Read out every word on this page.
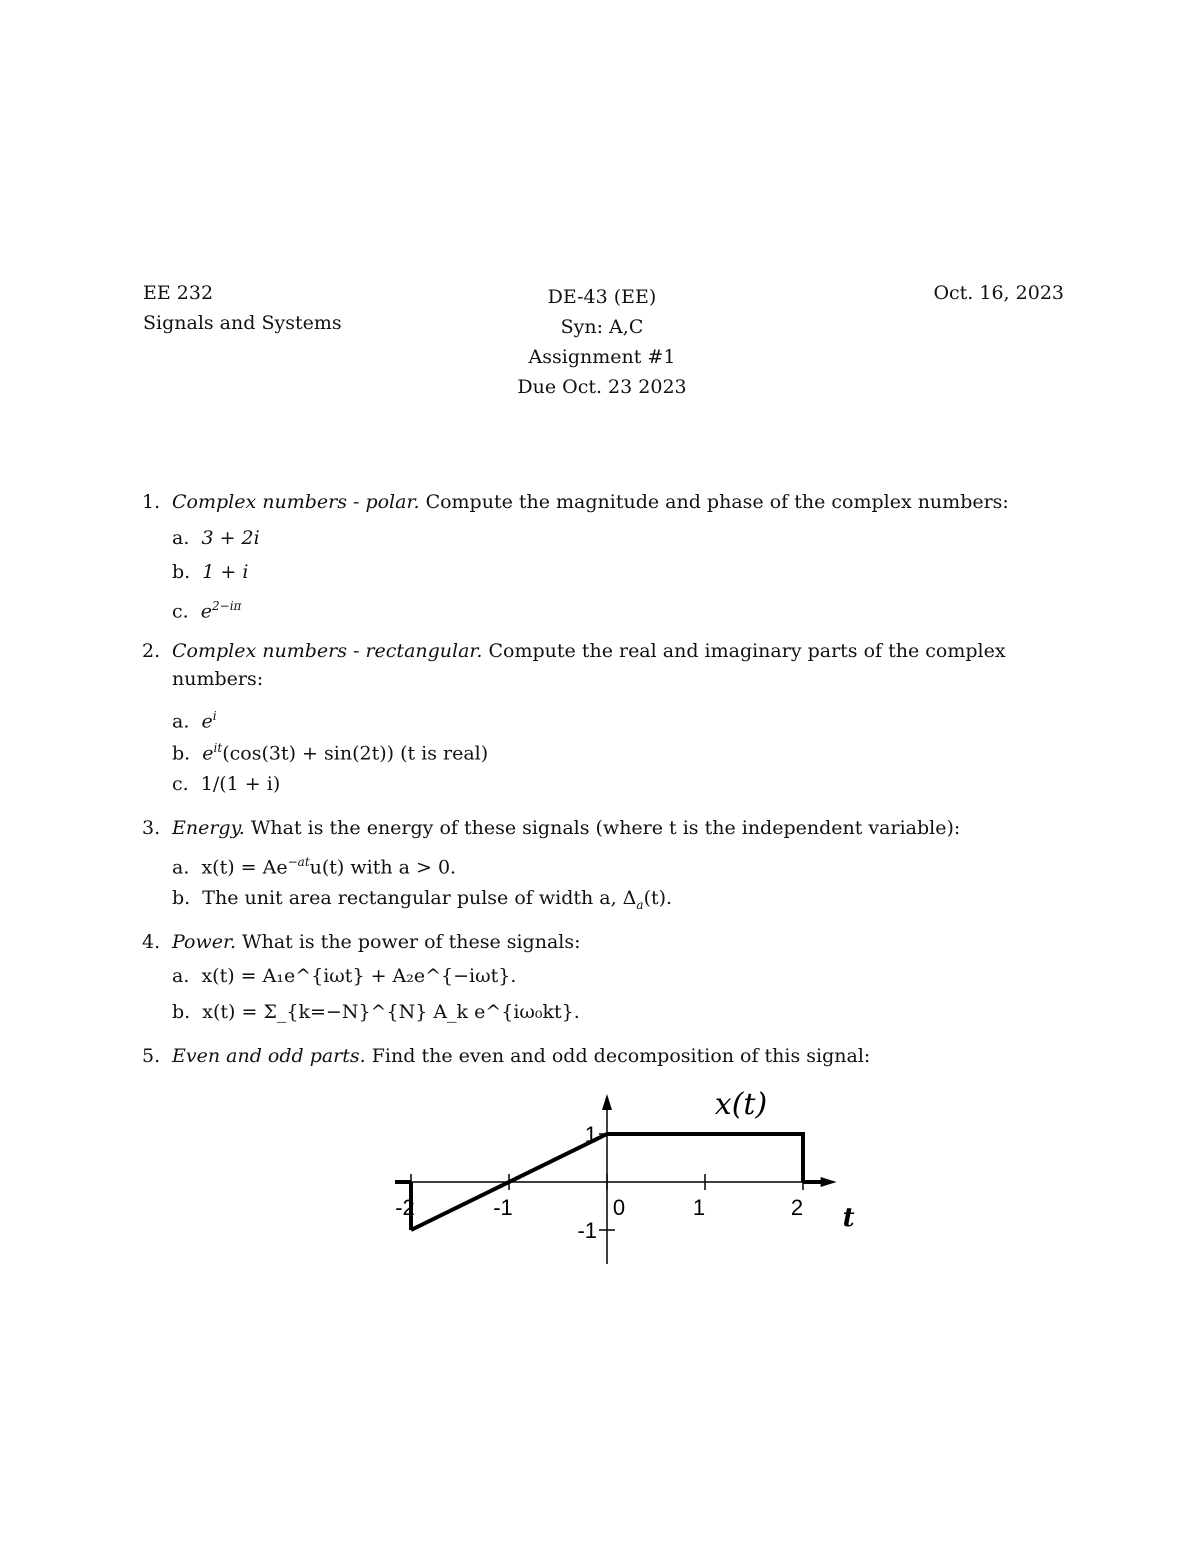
EE 232
Signals and Systems
DE-43 (EE)
Syn: A,C
Assignment #1
Due Oct. 23 2023
Oct. 16, 2023
1. Complex numbers - polar. Compute the magnitude and phase of the complex numbers:
a. 3 + 2i
b. 1 + i
c. $e^{2-i\pi}$
2. Complex numbers - rectangular. Compute the real and imaginary parts of the complex
numbers:
a. $e^i$
b. $e^{it}(\cos(3t) + \sin(2t))$ (t is real)
c. 1/(1 + i)
3. Energy. What is the energy of these signals (where t is the independent variable):
a. $x(t) = Ae^{-at}u(t)$ with a > 0.
b. The unit area rectangular pulse of width a, $\Delta_a(t)$.
4. Power. What is the power of these signals:
a. x(t) = A₁e^{iωt} + A₂e^{−iωt}.
b. x(t) = Σ_{k=−N}^{N} A_k e^{iω₀kt}.
5. Even and odd parts. Find the even and odd decomposition of this signal:
-2	-1	0	1	2
1
-1
x(t)
t
